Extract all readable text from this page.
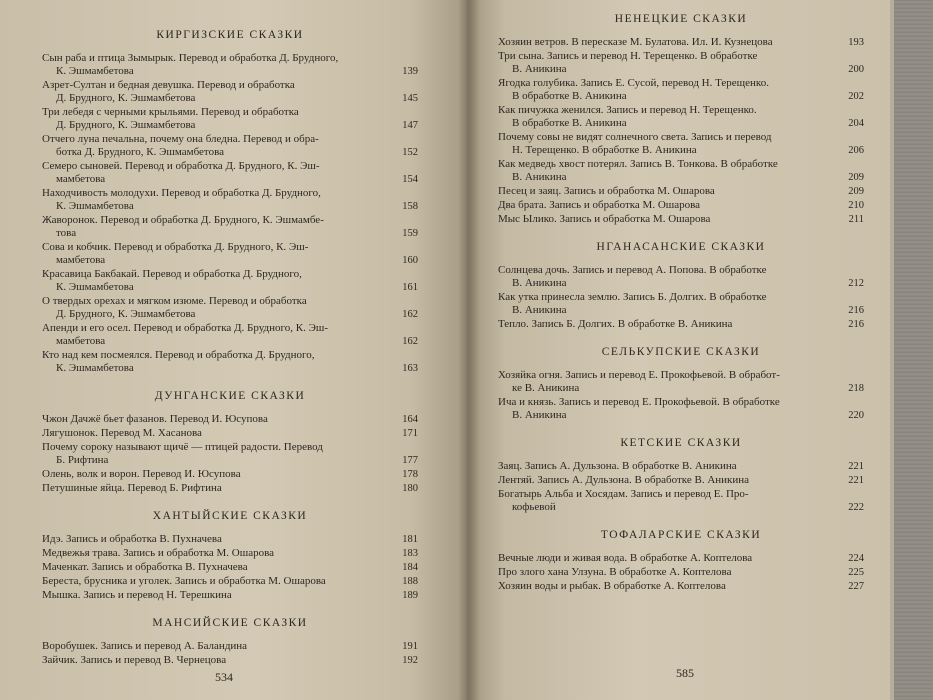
КИРГИЗСКИЕ СКАЗКИ
Сын раба и птица Зымырык. Перевод и обработка Д. Брудного,
К. Эшмамбетова	139
Азрет-Султан и бедная девушка. Перевод и обработка
Д. Брудного, К. Эшмамбетова	145
Три лебедя с черными крыльями. Перевод и обработка
Д. Брудного, К. Эшмамбетова	147
Отчего луна печальна, почему она бледна. Перевод и обра-
ботка Д. Брудного, К. Эшмамбетова	152
Семеро сыновей. Перевод и обработка Д. Брудного, К. Эш-
мамбетова	154
Находчивость молодухи. Перевод и обработка Д. Брудного,
К. Эшмамбетова	158
Жаворонок. Перевод и обработка Д. Брудного, К. Эшмамбе-
това	159
Сова и кобчик. Перевод и обработка Д. Брудного, К. Эш-
мамбетова	160
Красавица Бакбакай. Перевод и обработка Д. Брудного,
К. Эшмамбетова	161
О твердых орехах и мягком изюме. Перевод и обработка
Д. Брудного, К. Эшмамбетова	162
Апенди и его осел. Перевод и обработка Д. Брудного, К. Эш-
мамбетова	162
Кто над кем посмеялся. Перевод и обработка Д. Брудного,
К. Эшмамбетова	163
ДУНГАНСКИЕ СКАЗКИ
Чжон Дачжё бьет фазанов. Перевод И. Юсупова	164
Лягушонок. Перевод М. Хасанова	171
Почему сороку называют щичё — птицей радости. Перевод
Б. Рифтина	177
Олень, волк и ворон. Перевод И. Юсупова	178
Петушиные яйца. Перевод Б. Рифтина	180
ХАНТЫЙСКИЕ СКАЗКИ
Идэ. Запись и обработка В. Пухначева	181
Медвежья трава. Запись и обработка М. Ошарова	183
Маченкат. Запись и обработка В. Пухначева	184
Береста, брусника и уголек. Запись и обработка М. Ошарова	188
Мышка. Запись и перевод Н. Терешкина	189
МАНСИЙСКИЕ СКАЗКИ
Воробушек. Запись и перевод А. Баландина	191
Зайчик. Запись и перевод В. Чернецова	192
534
НЕНЕЦКИЕ СКАЗКИ
Хозяин ветров. В пересказе М. Булатова. Ил. И. Кузнецова	193
Три сына. Запись и перевод Н. Терещенко. В обработке
В. Аникина	200
Ягодка голубика. Запись Е. Сусой, перевод Н. Терещенко.
В обработке В. Аникина	202
Как пичужка женился. Запись и перевод Н. Терещенко.
В обработке В. Аникина	204
Почему совы не видят солнечного света. Запись и перевод
Н. Терещенко. В обработке В. Аникина	206
Как медведь хвост потерял. Запись В. Тонкова. В обработке
В. Аникина	209
Песец и заяц. Запись и обработка М. Ошарова	209
Два брата. Запись и обработка М. Ошарова	210
Мыс Ылико. Запись и обработка М. Ошарова	211
НГАНАСАНСКИЕ СКАЗКИ
Солнцева дочь. Запись и перевод А. Попова. В обработке
В. Аникина	212
Как утка принесла землю. Запись Б. Долгих. В обработке
В. Аникина	216
Тепло. Запись Б. Долгих. В обработке В. Аникина	216
СЕЛЬКУПСКИЕ СКАЗКИ
Хозяйка огня. Запись и перевод Е. Прокофьевой. В обработ-
ке В. Аникина	218
Ича и князь. Запись и перевод Е. Прокофьевой. В обработке
В. Аникина	220
КЕТСКИЕ СКАЗКИ
Заяц. Запись А. Дульзона. В обработке В. Аникина	221
Лентяй. Запись А. Дульзона. В обработке В. Аникина	221
Богатырь Альба и Хосядам. Запись и перевод Е. Про-
кофьевой	222
ТОФАЛАРСКИЕ СКАЗКИ
Вечные люди и живая вода. В обработке А. Коптелова	224
Про злого хана Улзуна. В обработке А. Коптелова	225
Хозяин воды и рыбак. В обработке А. Коптелова	227
585
